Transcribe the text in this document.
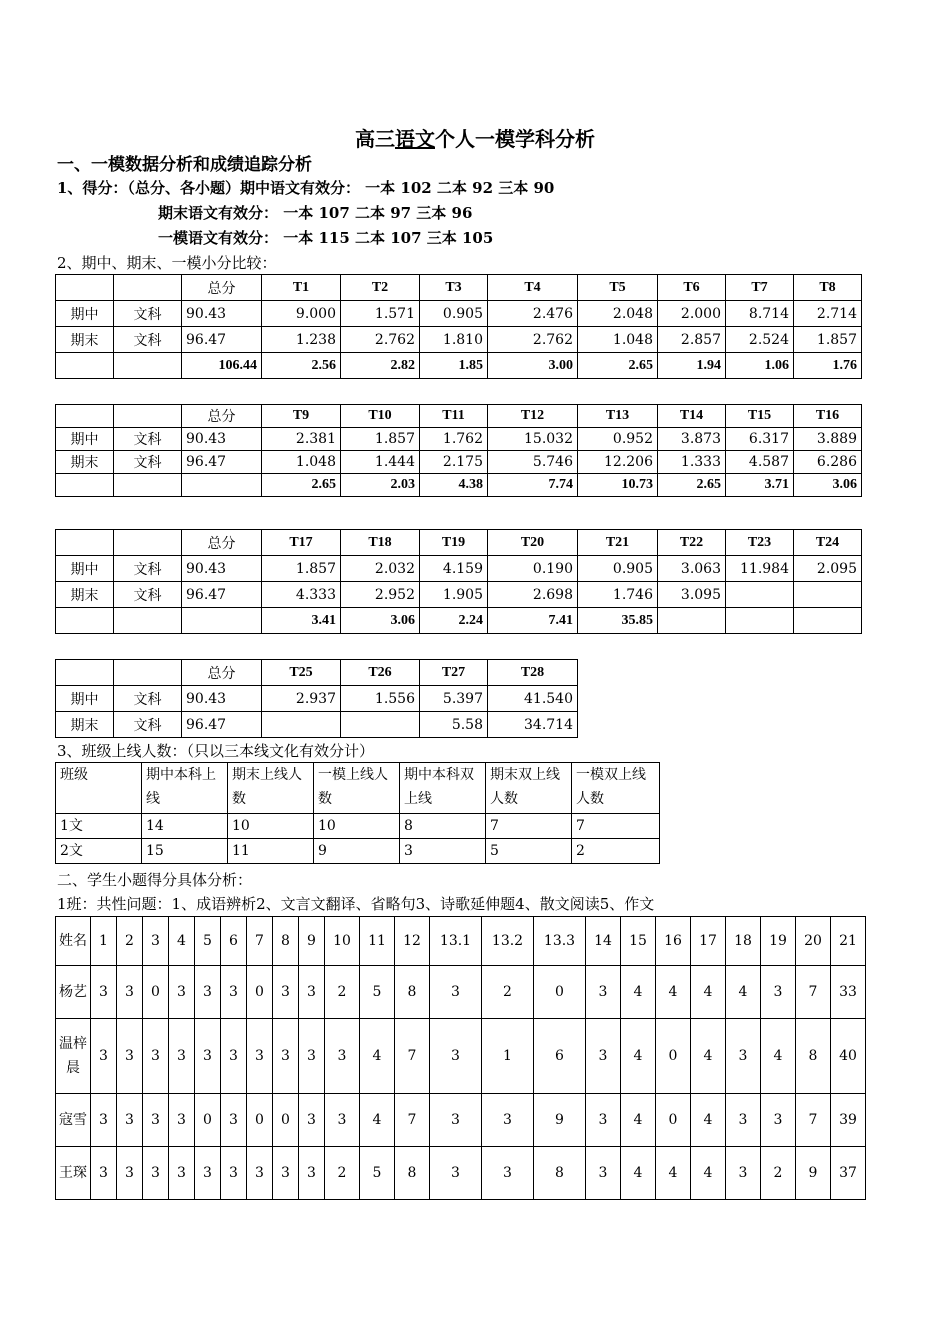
高三语文个人一模学科分析
一、一模数据分析和成绩追踪分析
1、得分：（总分、各小题）期中语文有效分： 一本 102 二本 92 三本 90
期末语文有效分： 一本 107 二本 97 三本 96
一模语文有效分： 一本 115 二本 107 三本 105
2、期中、期末、一模小分比较：
		总分	T1	T2	T3	T4	T5	T6	T7	T8
期中	文科	90.43	9.000	1.571	0.905	2.476	2.048	2.000	8.714	2.714
期末	文科	96.47	1.238	2.762	1.810	2.762	1.048	2.857	2.524	1.857
		106.44	2.56	2.82	1.85	3.00	2.65	1.94	1.06	1.76
		总分	T9	T10	T11	T12	T13	T14	T15	T16
期中	文科	90.43	2.381	1.857	1.762	15.032	0.952	3.873	6.317	3.889
期末	文科	96.47	1.048	1.444	2.175	5.746	12.206	1.333	4.587	6.286
			2.65	2.03	4.38	7.74	10.73	2.65	3.71	3.06
		总分	T17	T18	T19	T20	T21	T22	T23	T24
期中	文科	90.43	1.857	2.032	4.159	0.190	0.905	3.063	11.984	2.095
期末	文科	96.47	4.333	2.952	1.905	2.698	1.746	3.095		
			3.41	3.06	2.24	7.41	35.85			
		总分	T25	T26	T27	T28
期中	文科	90.43	2.937	1.556	5.397	41.540
期末	文科	96.47			5.58	34.714
3、班级上线人数：（只以三本线文化有效分计）
班级	期中本科上线	期末上线人数	一模上线人数	期中本科双上线	期末双上线人数	一模双上线人数
1文	14	10	10	8	7	7
2文	15	11	9	3	5	2
二、学生小题得分具体分析：
1班：共性问题：1、成语辨析2、文言文翻译、省略句3、诗歌延伸题4、散文阅读5、作文
姓名	1	2	3	4	5	6	7	8	9	10	11	12	13.1	13.2	13.3	14	15	16	17	18	19	20	21
杨艺	3	3	0	3	3	3	0	3	3	2	5	8	3	2	0	3	4	4	4	4	3	7	33
温梓晨	3	3	3	3	3	3	3	3	3	3	4	7	3	1	6	3	4	0	4	3	4	8	40
寇雪	3	3	3	3	0	3	0	0	3	3	4	7	3	3	9	3	4	0	4	3	3	7	39
王琛	3	3	3	3	3	3	3	3	3	2	5	8	3	3	8	3	4	4	4	3	2	9	37
